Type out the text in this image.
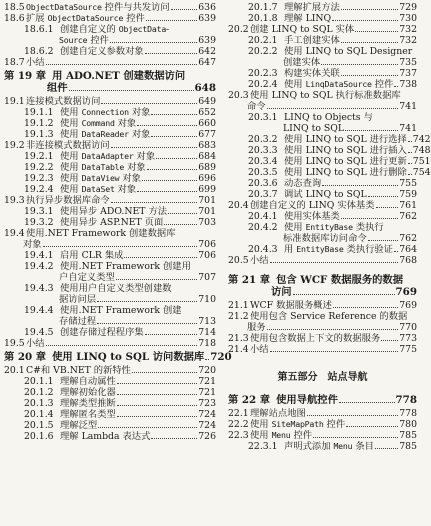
18.5 ObjectDataSource 控件与共发访问	636
18.6 扩展 ObjectDataSource 控件	639
18.6.1 创建自定义的 ObjectData-
Source 控件	639
18.6.2 创建自定义参数对象	642
18.7 小结	647
第 19 章 用 ADO.NET 创建数据访问
组件	648
19.1 连接模式数据访问	649
19.1.1 使用 Connection 对象	652
19.1.2 使用 Command 对象	660
19.1.3 使用 DataReader 对象	677
19.2 非连接模式数据访问	683
19.2.1 使用 DataAdapter 对象	684
19.2.2 使用 DataTable 对象	689
19.2.3 使用 DataView 对象	696
19.2.4 使用 DataSet 对象	699
19.3 执行异步数据库命令	701
19.3.1 使用异步 ADO.NET 方法	701
19.3.2 使用异步 ASP.NET 页面	703
19.4 使用.NET Framework 创建数据库
对象	706
19.4.1 启用 CLR 集成	706
19.4.2 使用.NET Framework 创建用
户自定义类型	707
19.4.3 使用用户自定义类型创建数
据访问层	710
19.4.4 使用.NET Framework 创建
存储过程	713
19.4.5 创建存储过程程序集	714
19.5 小结	718
第 20 章 使用 LINQ to SQL 访问数据库 720
20.1 C#和 VB.NET 的新特性	720
20.1.1 理解自动属性	721
20.1.2 理解初始化器	721
20.1.3 理解类型推断	723
20.1.4 理解匿名类型	724
20.1.5 理解泛型	724
20.1.6 理解 Lambda 表达式	726
20.1.7 理解扩展方法	729
20.1.8 理解 LINQ	730
20.2 创建 LINQ to SQL 实体	732
20.2.1 手工创建实体	732
20.2.2 使用 LINQ to SQL Designer
创建实体	735
20.2.3 构建实体关联	737
20.2.4 使用 LinqDataSource 控件 738
20.3 使用 LINQ to SQL 执行标准数据库
命令	741
20.3.1 LINQ to Objects 与
LINQ to SQL	741
20.3.2 使用 LINQ to SQL 进行选择 742
20.3.3 使用 LINQ to SQL 进行插入 748
20.3.4 使用 LINQ to SQL 进行更新 751
20.3.5 使用 LINQ to SQL 进行删除 754
20.3.6 动态查询	755
20.3.7 调试 LINQ to SQL	759
20.4 创建自定义的 LINQ 实体基类	761
20.4.1 使用实体基类	762
20.4.2 使用 EntityBase 类执行
标准数据库访问命令	762
20.4.3 用 EntityBase 类执行验证 764
20.5 小结	768
第 21 章 包含 WCF 数据服务的数据
访问	769
21.1 WCF 数据服务概述	769
21.2 使用包含 Service Reference 的数据
服务	770
21.3 使用包含数据上下文的数据服务 773
21.4 小结	775
第五部分　站点导航
第 22 章 使用导航控件	778
22.1 理解站点地图	778
22.2 使用 SiteMapPath 控件	780
22.3 使用 Menu 控件	785
22.3.1 声明式添加 Menu 条目	785
